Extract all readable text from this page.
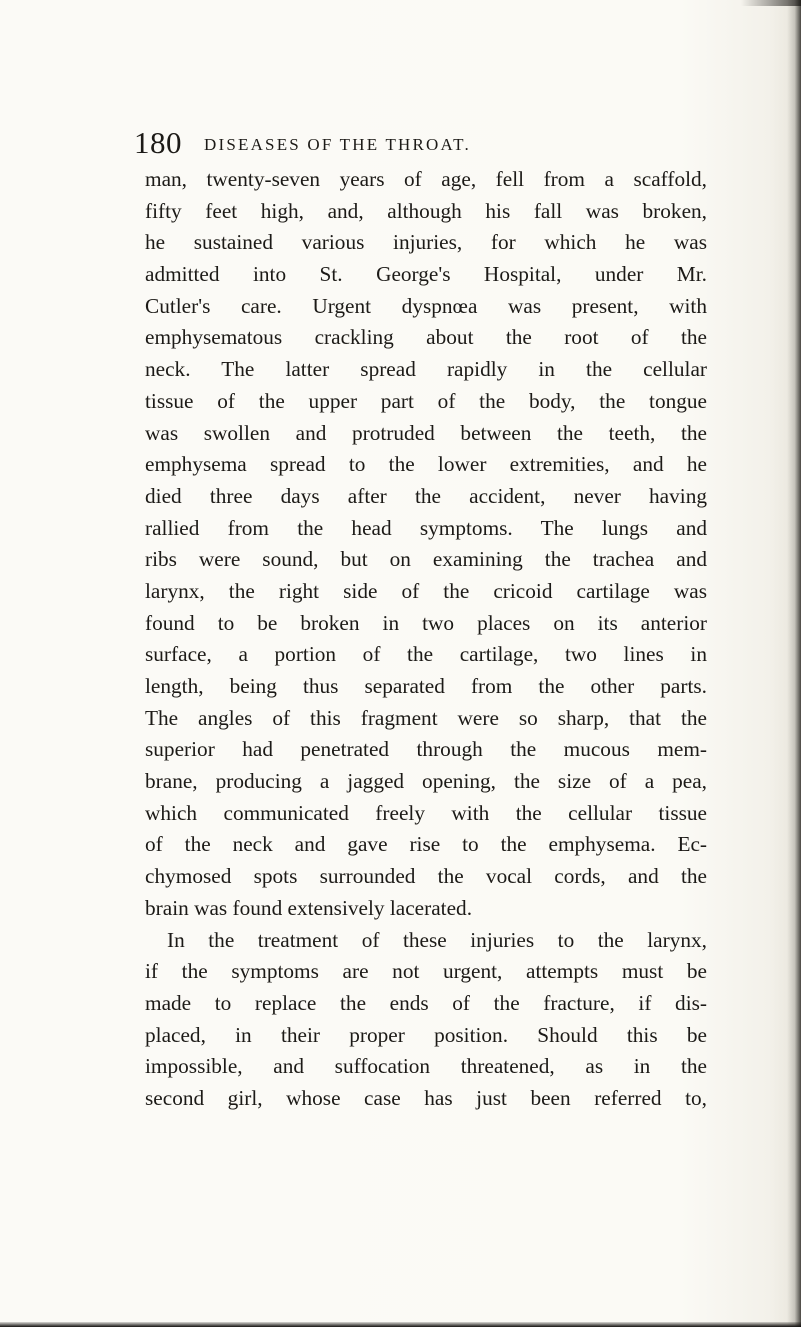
180 DISEASES OF THE THROAT.
man, twenty-seven years of age, fell from a scaffold,
fifty feet high, and, although his fall was broken,
he sustained various injuries, for which he was
admitted into St. George's Hospital, under Mr.
Cutler's care. Urgent dyspnœa was present, with
emphysematous crackling about the root of the
neck. The latter spread rapidly in the cellular
tissue of the upper part of the body, the tongue
was swollen and protruded between the teeth, the
emphysema spread to the lower extremities, and he
died three days after the accident, never having
rallied from the head symptoms. The lungs and
ribs were sound, but on examining the trachea and
larynx, the right side of the cricoid cartilage was
found to be broken in two places on its anterior
surface, a portion of the cartilage, two lines in
length, being thus separated from the other parts.
The angles of this fragment were so sharp, that the
superior had penetrated through the mucous mem-
brane, producing a jagged opening, the size of a pea,
which communicated freely with the cellular tissue
of the neck and gave rise to the emphysema. Ec-
chymosed spots surrounded the vocal cords, and the
brain was found extensively lacerated.
In the treatment of these injuries to the larynx,
if the symptoms are not urgent, attempts must be
made to replace the ends of the fracture, if dis-
placed, in their proper position. Should this be
impossible, and suffocation threatened, as in the
second girl, whose case has just been referred to,
